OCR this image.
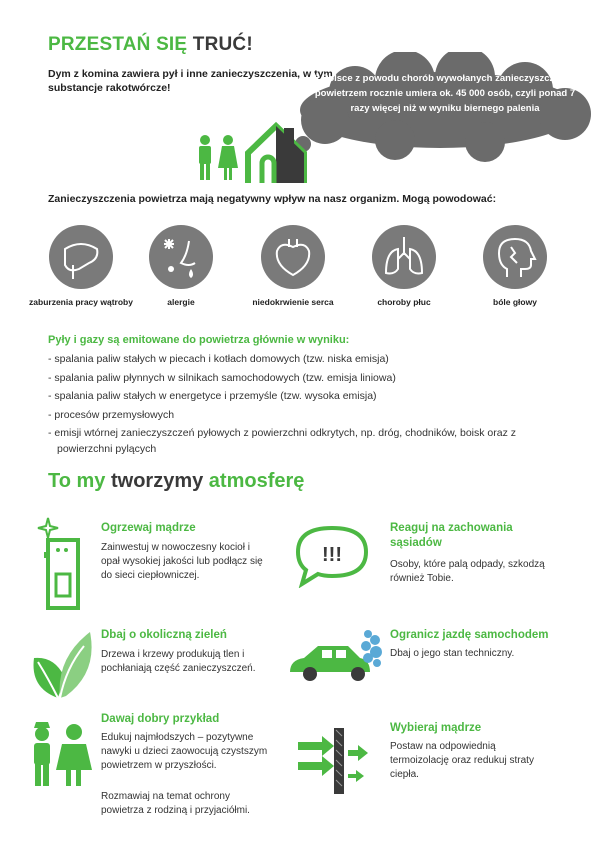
PRZESTAŃ SIĘ TRUĆ!
Dym z komina zawiera pył i inne zanieczyszczenia, w tym substancje rakotwórcze!
W Polsce z powodu chorób wywołanych zanieczyszczonym powietrzem rocznie umiera ok. 45 000 osób, czyli ponad 7 razy więcej niż w wyniku biernego palenia
Zanieczyszczenia powietrza mają negatywny wpływ na nasz organizm. Mogą powodować:
zaburzenia pracy wątroby	alergie	niedokrwienie serca	choroby płuc	bóle głowy
Pyły i gazy są emitowane do powietrza głównie w wyniku:
- spalania paliw stałych w piecach i kotłach domowych (tzw. niska emisja)
- spalania paliw płynnych w silnikach samochodowych (tzw. emisja liniowa)
- spalania paliw stałych w energetyce i przemyśle (tzw. wysoka emisja)
- procesów przemysłowych
- emisji wtórnej zanieczyszczeń pyłowych z powierzchni odkrytych, np. dróg, chodników, boisk oraz z powierzchni pylących
To my tworzymy atmosferę
Ogrzewaj mądrze
Zainwestuj w nowoczesny kocioł i opał wysokiej jakości lub podłącz się do sieci ciepłowniczej.
!!!
Reaguj na zachowania sąsiadów
Osoby, które palą odpady, szkodzą również Tobie.
Dbaj o okoliczną zieleń
Drzewa i krzewy produkują tlen i pochłaniają część zanieczyszczeń.
Ogranicz jazdę samochodem
Dbaj o jego stan techniczny.
Dawaj dobry przykład
Edukuj najmłodszych – pozytywne nawyki u dzieci zaowocują czystszym powietrzem w przyszłości.
Rozmawiaj na temat ochrony powietrza z rodziną i przyjaciółmi.
Wybieraj mądrze
Postaw na odpowiednią termoizolację oraz redukuj straty ciepła.
